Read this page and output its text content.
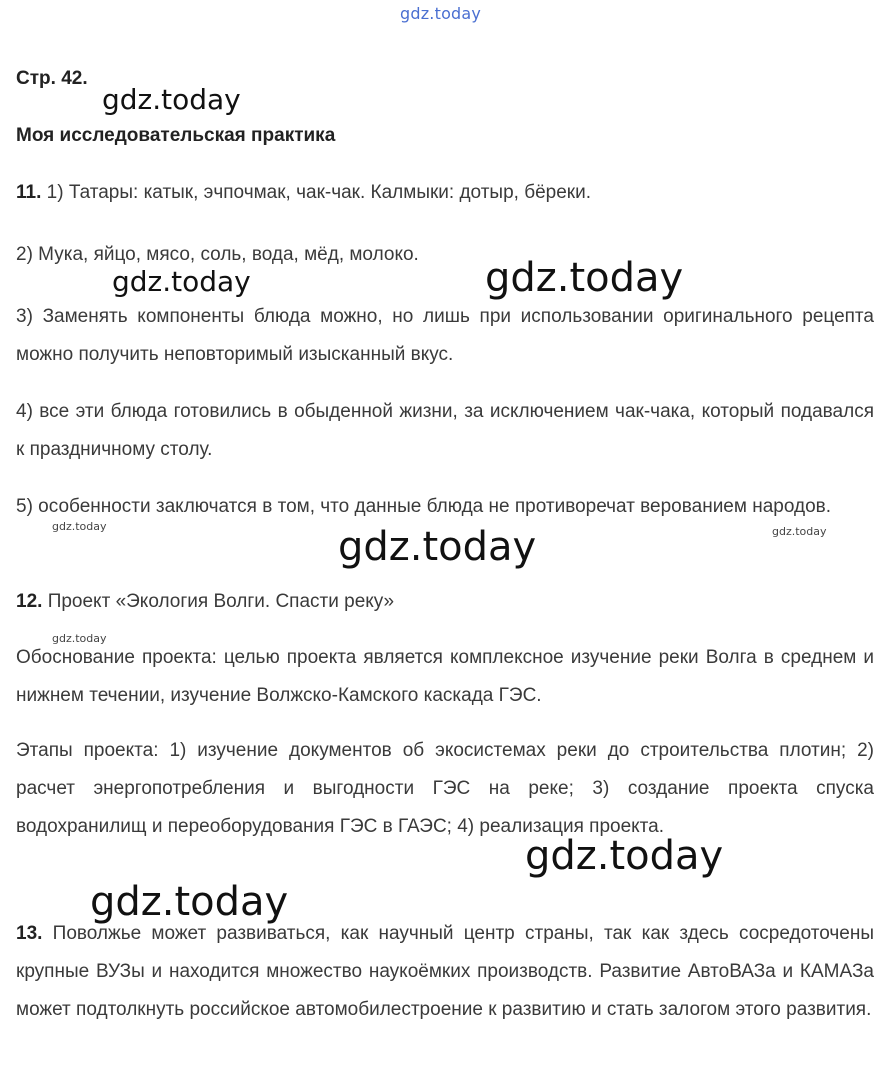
gdz.today
Стр. 42.
Моя исследовательская практика
11. 1) Татары: катык, эчпочмак, чак-чак. Калмыки: дотыр, бёреки.
2) Мука, яйцо, мясо, соль, вода, мёд, молоко.
3) Заменять компоненты блюда можно, но лишь при использовании оригинального рецепта можно получить неповторимый изысканный вкус.
4) все эти блюда готовились в обыденной жизни, за исключением чак-чака, который подавался к праздничному столу.
5) особенности заключатся в том, что данные блюда не противоречат верованием народов.
12. Проект «Экология Волги. Спасти реку»
Обоснование проекта: целью проекта является комплексное изучение реки Волга в среднем и нижнем течении, изучение Волжско-Камского каскада ГЭС.
Этапы проекта: 1) изучение документов об экосистемах реки до строительства плотин; 2) расчет энергопотребления и выгодности ГЭС на реке; 3) создание проекта спуска водохранилищ и переоборудования ГЭС в ГАЭС; 4) реализация проекта.
13. Поволжье может развиваться, как научный центр страны, так как здесь сосредоточены крупные ВУЗы и находится множество наукоёмких производств. Развитие АвтоВАЗа и КАМАЗа может подтолкнуть российское автомобилестроение к развитию и стать залогом этого развития.
gdz.today
gdz.today	gdz.today
gdz.today	gdz.today
gdz.today
gdz.today
gdz.today
gdz.today
